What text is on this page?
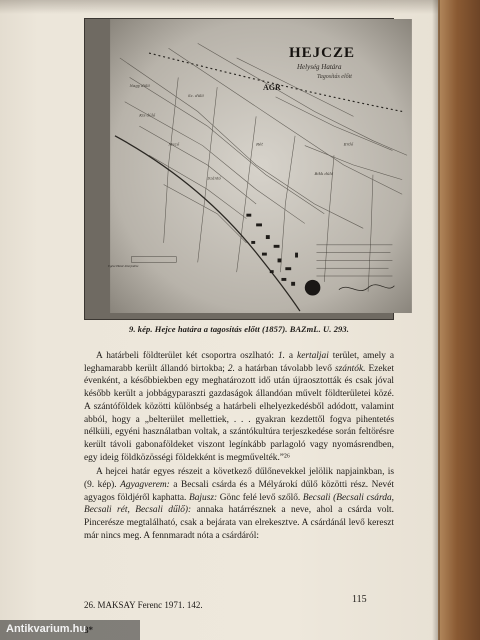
Nagy dülő
Kis dülő
Sz. dülő
Rét
Bikk dülő
Szántó
Mező	Erdő
HEJCZE
Helység Határa
Tagosítás előtt
AGR
Egész Határ kiterjedése
9. kép. Hejce határa a tagosítás előtt (1857). BAZmL. U. 293.

A határbeli földterület két csoportra oszlható: 1. a kertaljai terület, amely a leghamarabb került állandó birtokba; 2. a határban távolabb levő szántók. Ezeket évenként, a későbbiekben egy meghatározott idő után újraosztották és csak jóval később került a jobbágyparaszti gazdaságok állandóan művelt földterületei közé. A szántóföldek közötti különbség a határbeli elhelyezkedésből adódott, valamint abból, hogy a „belterület mellettiek, . . . gyakran kezdettől fogva pihentetés nélküli, egyéni használatban voltak, a szántókultúra terjeszkedése során feltörésre került távoli gabonaföldeket viszont legínkább parlagoló vagy nyomásrendben, egy ideig földközösségi földekként is megművelték.”²⁶

A hejcei határ egyes részeit a következő dűlőnevekkel jelölik napjainkban, is (9. kép). Agyagverem: a Becsali csárda és a Mélyárokí dűlő közötti rész. Nevét agyagos földjéről kaphatta. Bajusz: Gönc felé levő szőlő. Becsali (Becsali csárda, Becsali rét, Becsali dűlő): annaka határrésznek a neve, ahol a csárda volt. Pincerésze megtalálható, csak a bejárata van elrekesztve. A csárdánál levő kereszt már nincs meg. A fennmaradt nóta a csárdáról:

115
26. MAKSAY Ferenc 1971. 142.
Antikvarium.hu
